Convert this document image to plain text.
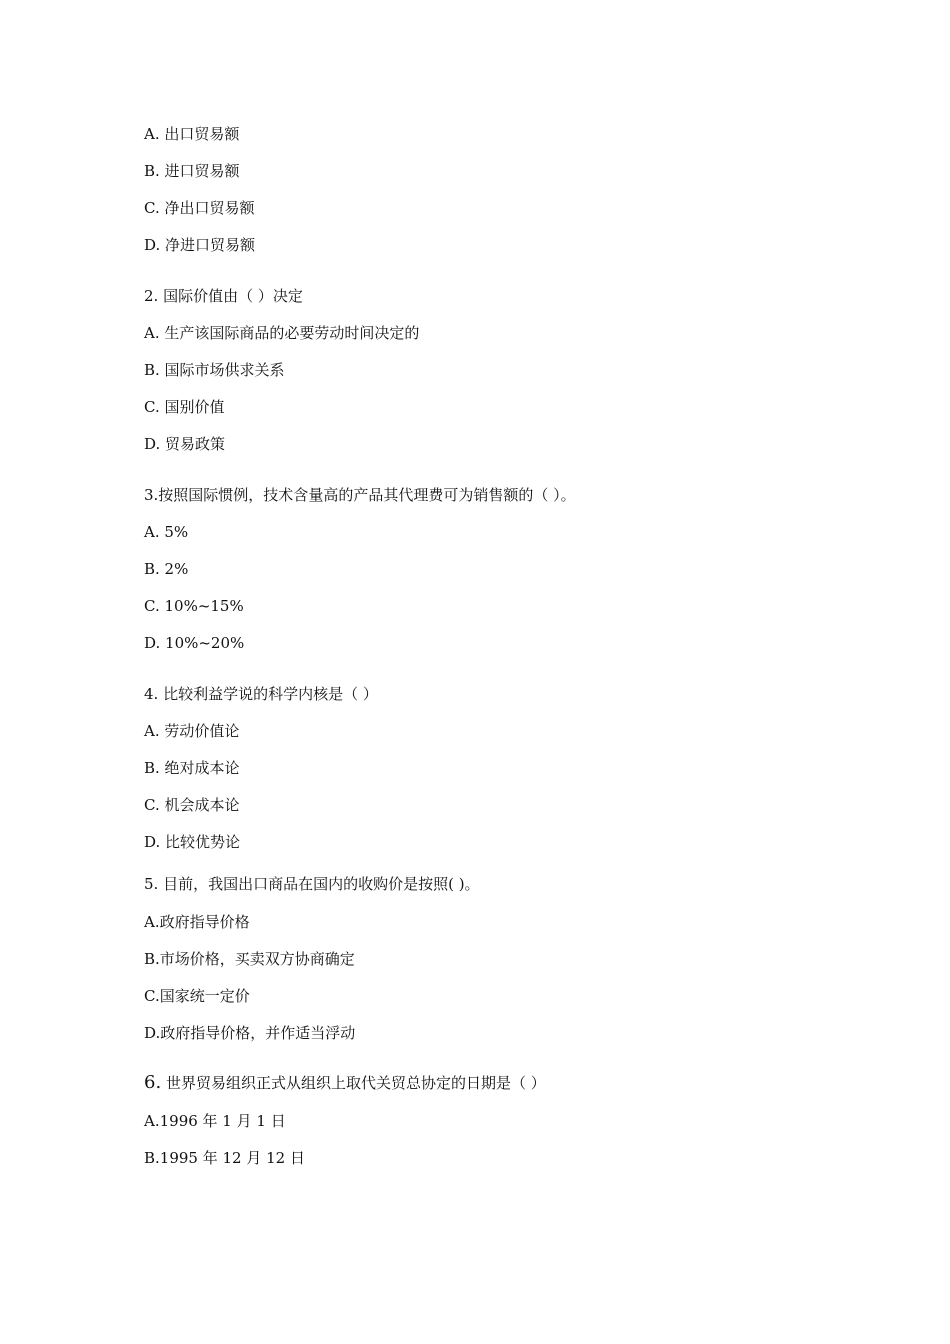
A. 出口贸易额
B. 进口贸易额
C. 净出口贸易额
D. 净进口贸易额
2. 国际价值由（ ）决定
A. 生产该国际商品的必要劳动时间决定的
B. 国际市场供求关系
C. 国别价值
D. 贸易政策
3.按照国际惯例，技术含量高的产品其代理费可为销售额的（ ）。
A. 5%
B. 2%
C. 10%~15%
D. 10%~20%
4. 比较利益学说的科学内核是（ ）
A. 劳动价值论
B. 绝对成本论
C. 机会成本论
D. 比较优势论
5. 目前，我国出口商品在国内的收购价是按照( )。
A.政府指导价格
B.市场价格，买卖双方协商确定
C.国家统一定价
D.政府指导价格，并作适当浮动
6. 世界贸易组织正式从组织上取代关贸总协定的日期是（ ）
A.1996 年 1 月 1 日
B.1995 年 12 月 12 日
